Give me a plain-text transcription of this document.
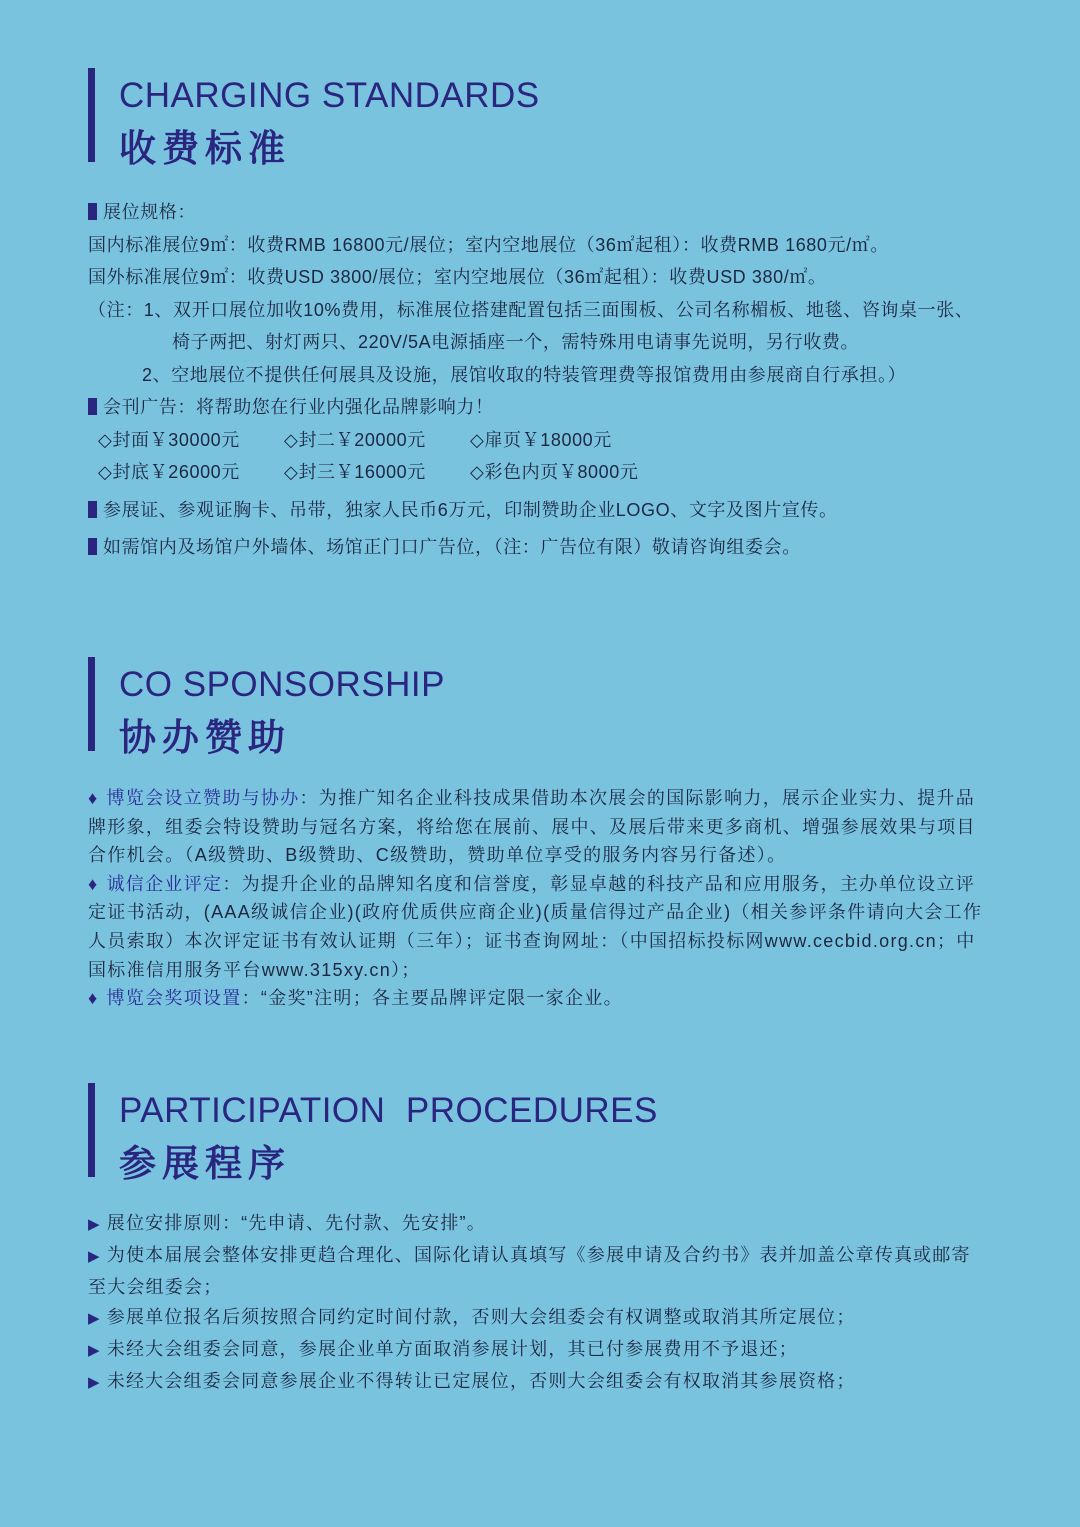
CHARGING STANDARDS
收费标准
展位规格：
国内标准展位9㎡：收费RMB 16800元/展位；室内空地展位（36㎡起租）：收费RMB 1680元/㎡。
国外标准展位9㎡：收费USD 3800/展位；室内空地展位（36㎡起租）：收费USD 380/㎡。
（注：1、双开口展位加收10%费用，标准展位搭建配置包括三面围板、公司名称楣板、地毯、咨询桌一张、
椅子两把、射灯两只、220V/5A电源插座一个，需特殊用电请事先说明，另行收费。
2、空地展位不提供任何展具及设施，展馆收取的特装管理费等报馆费用由参展商自行承担。）
会刊广告：将帮助您在行业内强化品牌影响力！
◇封面￥30000元 ◇封二￥20000元 ◇扉页￥18000元
◇封底￥26000元 ◇封三￥16000元 ◇彩色内页￥8000元
参展证、参观证胸卡、吊带，独家人民币6万元，印制赞助企业LOGO、文字及图片宣传。
如需馆内及场馆户外墙体、场馆正门口广告位，（注：广告位有限）敬请咨询组委会。
CO SPONSORSHIP
协办赞助

♦ 博览会设立赞助与协办：为推广知名企业科技成果借助本次展会的国际影响力，展示企业实力、提升品牌形象，组委会特设赞助与冠名方案，将给您在展前、展中、及展后带来更多商机、增强参展效果与项目合作机会。（A级赞助、B级赞助、C级赞助，赞助单位享受的服务内容另行备述）。

♦ 诚信企业评定：为提升企业的品牌知名度和信誉度，彰显卓越的科技产品和应用服务，主办单位设立评定证书活动，(AAA级诚信企业)(政府优质供应商企业)(质量信得过产品企业)（相关参评条件请向大会工作人员索取）本次评定证书有效认证期（三年）；证书查询网址：（中国招标投标网www.cecbid.org.cn；中国标准信用服务平台www.315xy.cn）；

♦ 博览会奖项设置：“金奖”注明；各主要品牌评定限一家企业。

PARTICIPATION  PROCEDURES
参展程序

▶ 展位安排原则：“先申请、先付款、先安排”。

▶ 为使本届展会整体安排更趋合理化、国际化请认真填写《参展申请及合约书》表并加盖公章传真或邮寄至大会组委会；

▶ 参展单位报名后须按照合同约定时间付款，否则大会组委会有权调整或取消其所定展位；

▶ 未经大会组委会同意，参展企业单方面取消参展计划，其已付参展费用不予退还；

▶ 未经大会组委会同意参展企业不得转让已定展位，否则大会组委会有权取消其参展资格；
